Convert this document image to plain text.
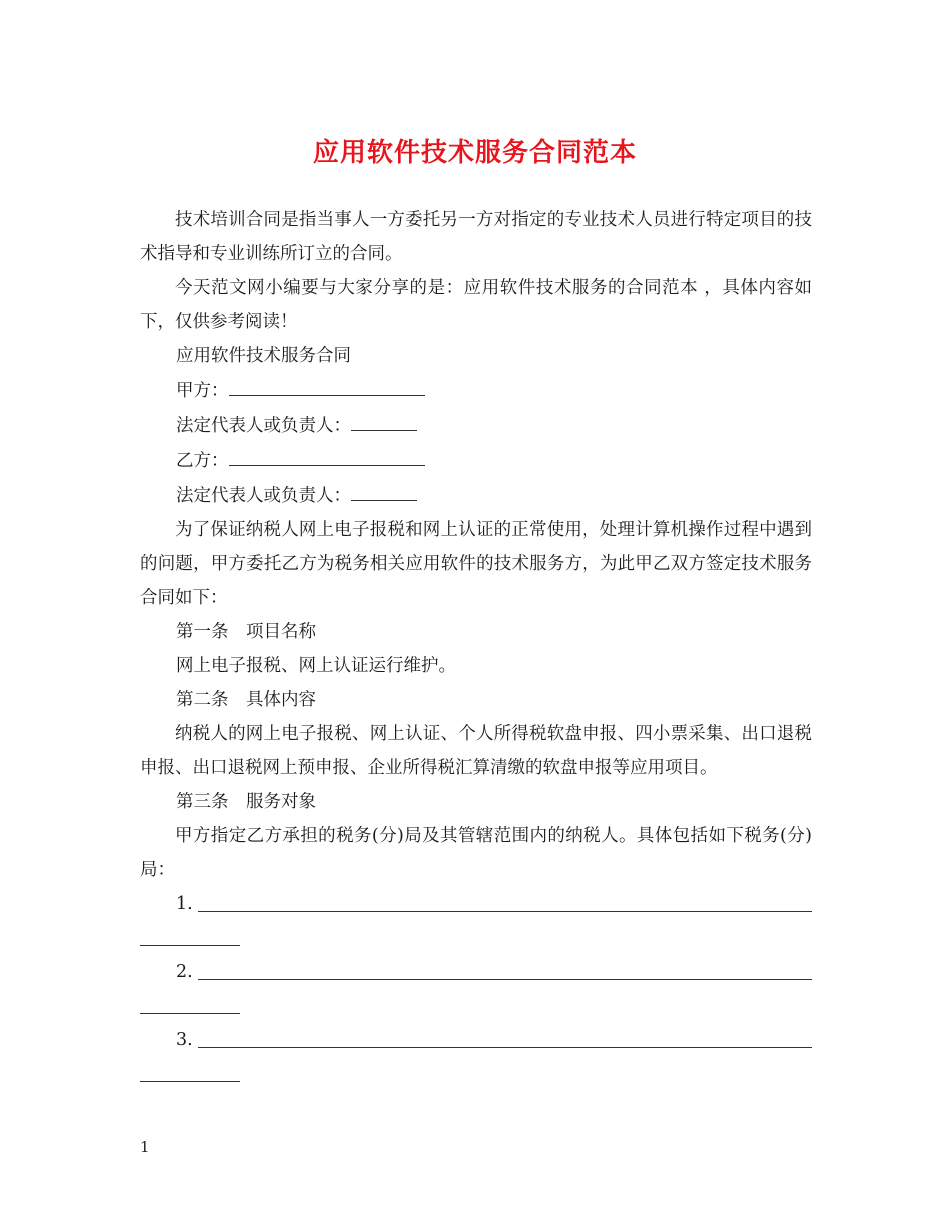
应用软件技术服务合同范本

技术培训合同是指当事人一方委托另一方对指定的专业技术人员进行特定项目的技术指导和专业训练所订立的合同。

今天范文网小编要与大家分享的是：应用软件技术服务的合同范本 ，具体内容如下，仅供参考阅读！

应用软件技术服务合同

甲方：

法定代表人或负责人：

乙方：

法定代表人或负责人：

为了保证纳税人网上电子报税和网上认证的正常使用，处理计算机操作过程中遇到的问题，甲方委托乙方为税务相关应用软件的技术服务方，为此甲乙双方签定技术服务合同如下：

第一条　项目名称

网上电子报税、网上认证运行维护。

第二条　具体内容

纳税人的网上电子报税、网上认证、个人所得税软盘申报、四小票采集、出口退税申报、出口退税网上预申报、企业所得税汇算清缴的软盘申报等应用项目。

第三条　服务对象

甲方指定乙方承担的税务(分)局及其管辖范围内的纳税人。具体包括如下税务(分)局：

1.
2.
3.
1
